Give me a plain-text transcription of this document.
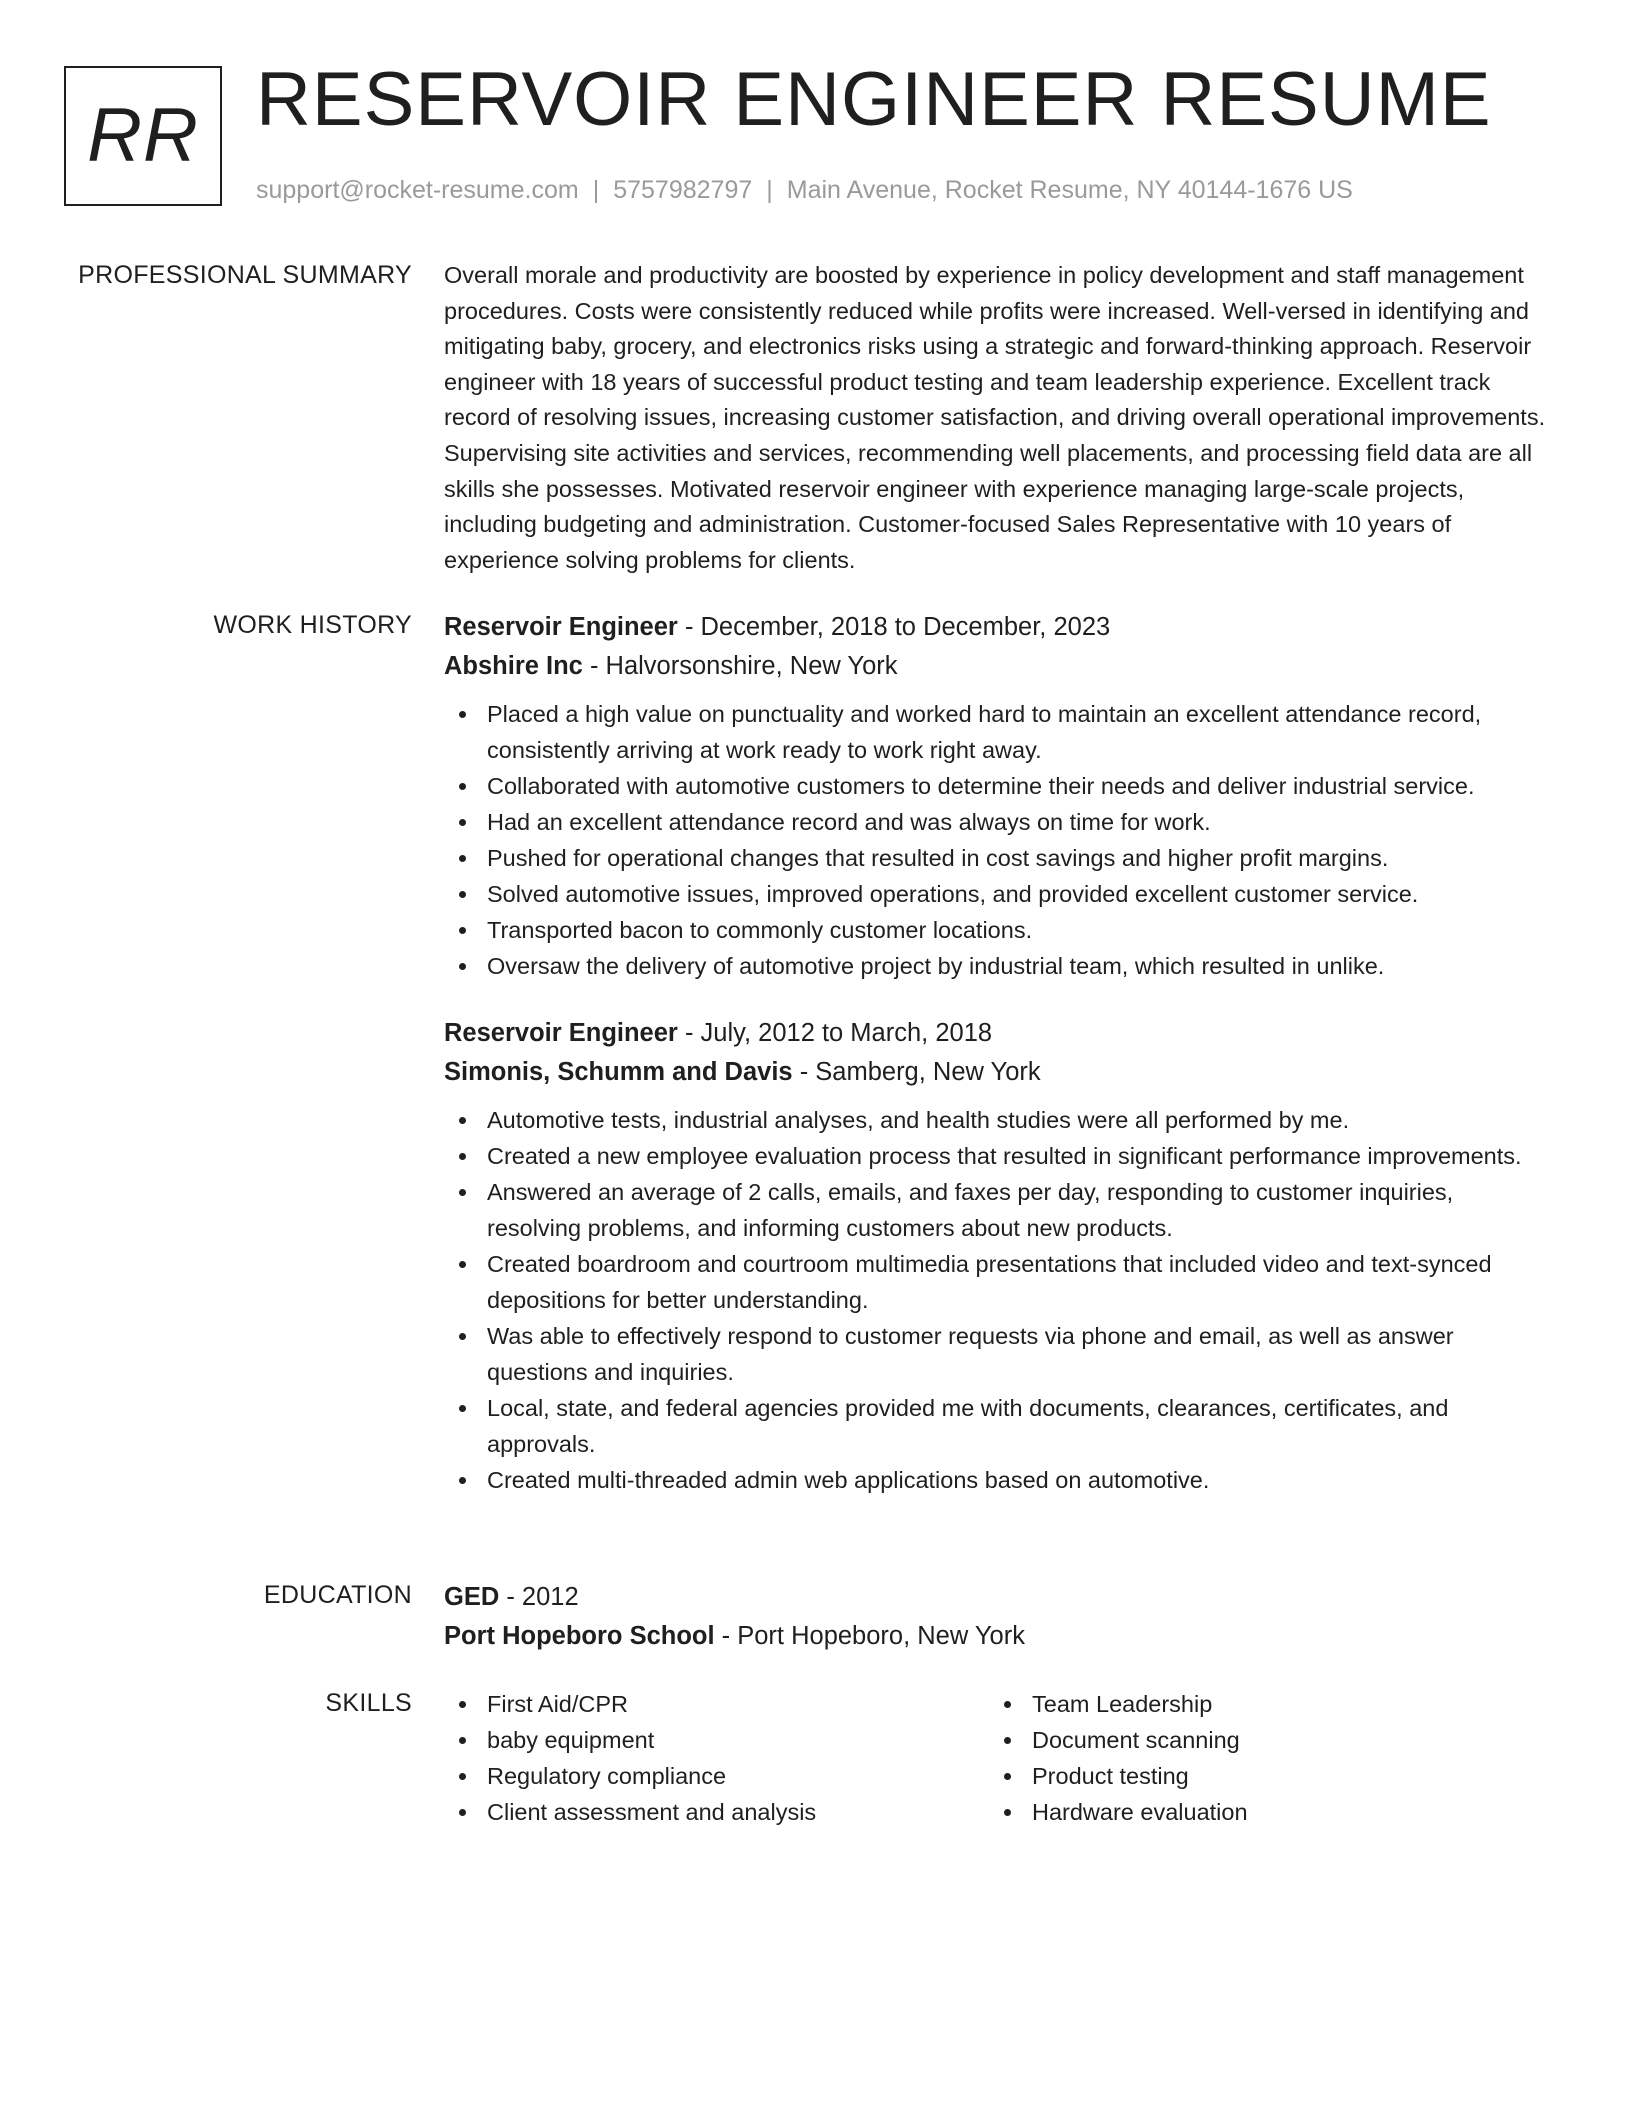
RR RESERVOIR ENGINEER RESUME
support@rocket-resume.com | 5757982797 | Main Avenue, Rocket Resume, NY 40144-1676 US
PROFESSIONAL SUMMARY Overall morale and productivity are boosted by experience in policy development and staff management procedures. Costs were consistently reduced while profits were increased. Well-versed in identifying and mitigating baby, grocery, and electronics risks using a strategic and forward-thinking approach. Reservoir engineer with 18 years of successful product testing and team leadership experience. Excellent track record of resolving issues, increasing customer satisfaction, and driving overall operational improvements. Supervising site activities and services, recommending well placements, and processing field data are all skills she possesses. Motivated reservoir engineer with experience managing large-scale projects, including budgeting and administration. Customer-focused Sales Representative with 10 years of experience solving problems for clients.

WORK HISTORY Reservoir Engineer - December, 2018 to December, 2023
Abshire Inc - Halvorsonshire, New York
Placed a high value on punctuality and worked hard to maintain an excellent attendance record, consistently arriving at work ready to work right away.
Collaborated with automotive customers to determine their needs and deliver industrial service.
Had an excellent attendance record and was always on time for work.
Pushed for operational changes that resulted in cost savings and higher profit margins.
Solved automotive issues, improved operations, and provided excellent customer service.
Transported bacon to commonly customer locations.
Oversaw the delivery of automotive project by industrial team, which resulted in unlike.
Reservoir Engineer - July, 2012 to March, 2018
Simonis, Schumm and Davis - Samberg, New York
Automotive tests, industrial analyses, and health studies were all performed by me.
Created a new employee evaluation process that resulted in significant performance improvements.
Answered an average of 2 calls, emails, and faxes per day, responding to customer inquiries, resolving problems, and informing customers about new products.
Created boardroom and courtroom multimedia presentations that included video and text-synced depositions for better understanding.
Was able to effectively respond to customer requests via phone and email, as well as answer questions and inquiries.
Local, state, and federal agencies provided me with documents, clearances, certificates, and approvals.
Created multi-threaded admin web applications based on automotive.
EDUCATION GED - 2012
Port Hopeboro School - Port Hopeboro, New York
SKILLS	First Aid/CPR
baby equipment
Regulatory compliance
Client assessment and analysis
Team Leadership
Document scanning
Product testing
Hardware evaluation
